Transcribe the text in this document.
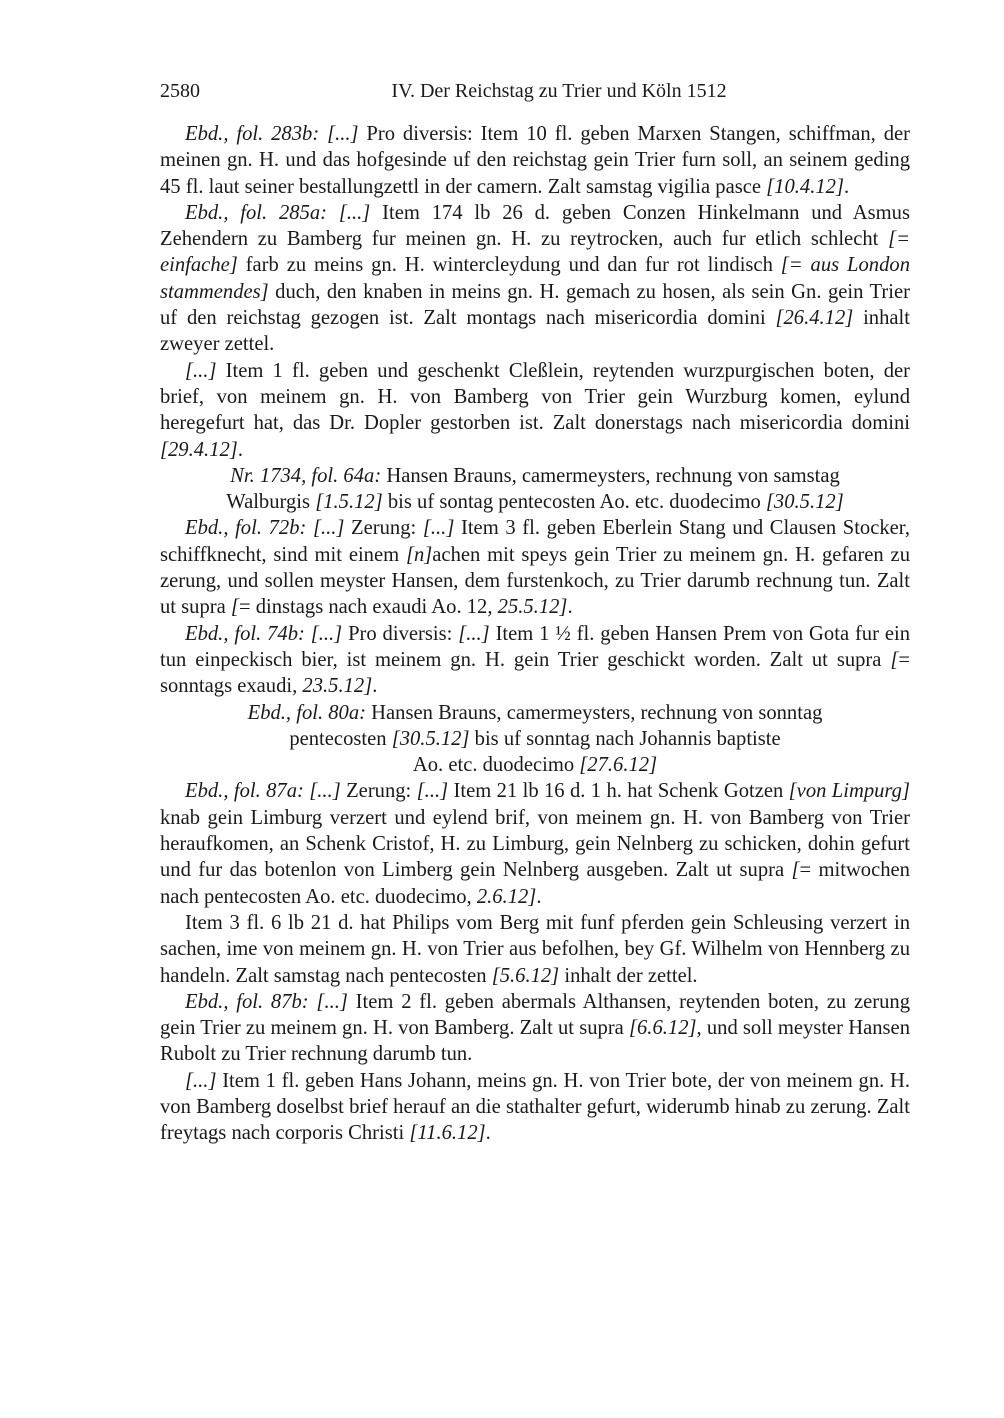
2580	IV. Der Reichstag zu Trier und Köln 1512

Ebd., fol. 283b: [...] Pro diversis: Item 10 fl. geben Marxen Stangen, schiffman, der meinen gn. H. und das hofgesinde uf den reichstag gein Trier furn soll, an seinem geding 45 fl. laut seiner bestallungzettl in der camern. Zalt samstag vigilia pasce [10.4.12].

Ebd., fol. 285a: [...] Item 174 lb 26 d. geben Conzen Hinkelmann und Asmus Zehendern zu Bamberg fur meinen gn. H. zu reytrocken, auch fur etlich schlecht [= einfache] farb zu meins gn. H. wintercleydung und dan fur rot lindisch [= aus London stammendes] duch, den knaben in meins gn. H. gemach zu hosen, als sein Gn. gein Trier uf den reichstag gezogen ist. Zalt montags nach misericordia domini [26.4.12] inhalt zweyer zettel.

[...] Item 1 fl. geben und geschenkt Cleßlein, reytenden wurzpurgischen boten, der brief, von meinem gn. H. von Bamberg von Trier gein Wurzburg komen, eylund heregefurt hat, das Dr. Dopler gestorben ist. Zalt donerstags nach misericordia domini [29.4.12].

Nr. 1734, fol. 64a: Hansen Brauns, camermeysters, rechnung von samstag
Walburgis [1.5.12] bis uf sontag pentecosten Ao. etc. duodecimo [30.5.12]

Ebd., fol. 72b: [...] Zerung: [...] Item 3 fl. geben Eberlein Stang und Clausen Stocker, schiffknecht, sind mit einem [n]achen mit speys gein Trier zu meinem gn. H. gefaren zu zerung, und sollen meyster Hansen, dem furstenkoch, zu Trier darumb rechnung tun. Zalt ut supra [= dinstags nach exaudi Ao. 12, 25.5.12].

Ebd., fol. 74b: [...] Pro diversis: [...] Item 1 ½ fl. geben Hansen Prem von Gota fur ein tun einpeckisch bier, ist meinem gn. H. gein Trier geschickt worden. Zalt ut supra [= sonntags exaudi, 23.5.12].

Ebd., fol. 80a: Hansen Brauns, camermeysters, rechnung von sonntag
pentecosten [30.5.12] bis uf sonntag nach Johannis baptiste
Ao. etc. duodecimo [27.6.12]

Ebd., fol. 87a: [...] Zerung: [...] Item 21 lb 16 d. 1 h. hat Schenk Gotzen [von Limpurg] knab gein Limburg verzert und eylend brif, von meinem gn. H. von Bamberg von Trier heraufkomen, an Schenk Cristof, H. zu Limburg, gein Nelnberg zu schicken, dohin gefurt und fur das botenlon von Limberg gein Nelnberg ausgeben. Zalt ut supra [= mitwochen nach pentecosten Ao. etc. duodecimo, 2.6.12].

Item 3 fl. 6 lb 21 d. hat Philips vom Berg mit funf pferden gein Schleusing verzert in sachen, ime von meinem gn. H. von Trier aus befolhen, bey Gf. Wilhelm von Hennberg zu handeln. Zalt samstag nach pentecosten [5.6.12] inhalt der zettel.

Ebd., fol. 87b: [...] Item 2 fl. geben abermals Althansen, reytenden boten, zu zerung gein Trier zu meinem gn. H. von Bamberg. Zalt ut supra [6.6.12], und soll meyster Hansen Rubolt zu Trier rechnung darumb tun.

[...] Item 1 fl. geben Hans Johann, meins gn. H. von Trier bote, der von meinem gn. H. von Bamberg doselbst brief herauf an die stathalter gefurt, widerumb hinab zu zerung. Zalt freytags nach corporis Christi [11.6.12].
